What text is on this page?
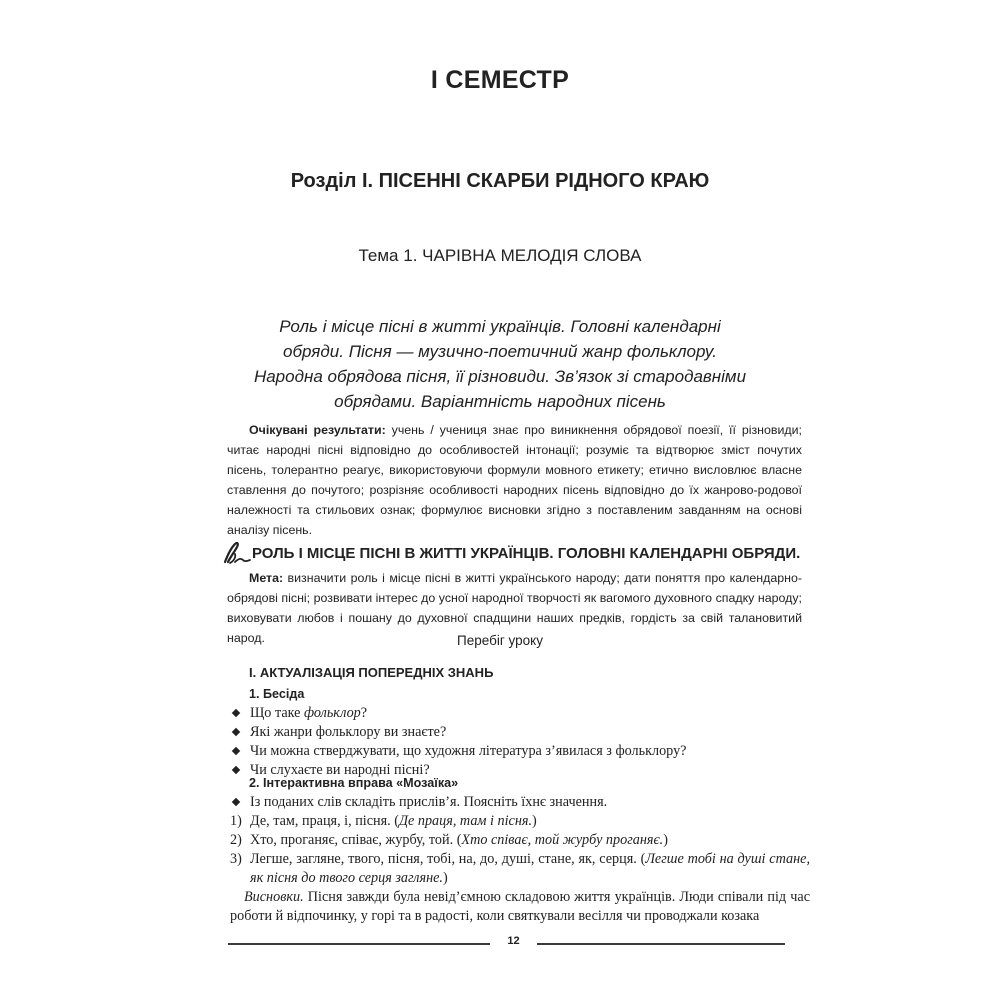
І СЕМЕСТР
Розділ І. ПІСЕННІ СКАРБИ РІДНОГО КРАЮ
Тема 1. ЧАРІВНА МЕЛОДІЯ СЛОВА
Роль і місце пісні в житті українців. Головні календарні
обряди. Пісня — музично-поетичний жанр фольклору.
Народна обрядова пісня, її різновиди. Зв’язок зі стародавніми
обрядами. Варіантність народних пісень
Очікувані результати: учень / учениця знає про виникнення обрядової поезії, її різновиди; читає народні пісні відповідно до особливостей інтонації; розуміє та відтворює зміст почутих пісень, толерантно реагує, використовуючи формули мовного етикету; етично висловлює власне ставлення до почутого; розрізняє особливості народних пісень відповідно до їх жанрово-родової належності та стильових ознак; формулює висновки згідно з поставленим завданням на основі аналізу пісень.
РОЛЬ І МІСЦЕ ПІСНІ В ЖИТТІ УКРАЇНЦІВ. ГОЛОВНІ КАЛЕНДАРНІ ОБРЯДИ.
Мета: визначити роль і місце пісні в житті українського народу; дати поняття про календарно-обрядові пісні; розвивати інтерес до усної народної творчості як вагомого духовного спадку народу; виховувати любов і пошану до духовної спадщини наших предків, гордість за свій талановитий народ.	Перебіг уроку
І. АКТУАЛІЗАЦІЯ ПОПЕРЕДНІХ ЗНАНЬ
1. Бесіда
Що таке фольклор?
Які жанри фольклору ви знаєте?
Чи можна стверджувати, що художня література з’явилася з фольклору?
Чи слухаєте ви народні пісні?
2. Інтерактивна вправа «Мозаїка»
Із поданих слів складіть прислів’я. Поясніть їхнє значення.
1) Де, там, праця, і, пісня. (Де праця, там і пісня.)
2) Хто, проганяє, співає, журбу, той. (Хто співає, той журбу проганяє.)
3) Легше, загляне, твого, пісня, тобі, на, до, душі, стане, як, серця. (Легше тобі на душі стане, як пісня до твого серця загляне.)
Висновки. Пісня завжди була невід’ємною складовою життя українців. Люди співали під час роботи й відпочинку, у горі та в радості, коли святкували весілля чи проводжали козака
12
